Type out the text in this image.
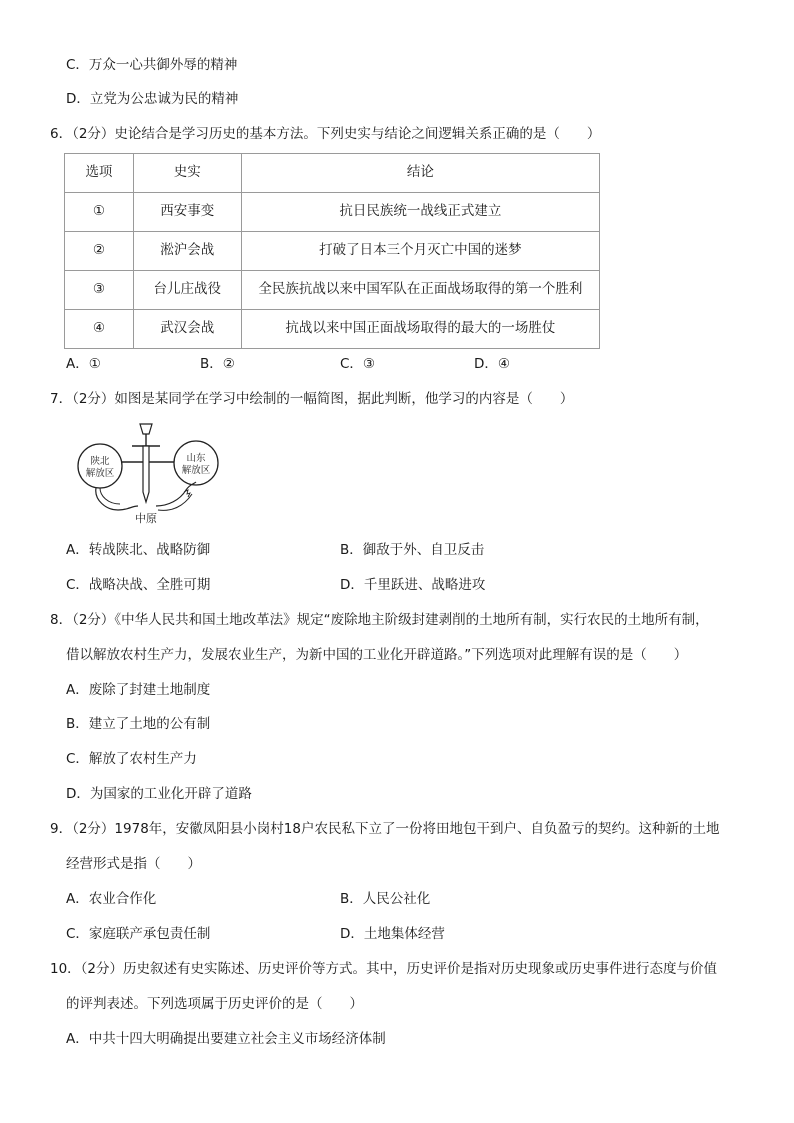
C．万众一心共御外辱的精神
D．立党为公忠诚为民的精神
6．（2分）史论结合是学习历史的基本方法。下列史实与结论之间逻辑关系正确的是（　　）
选项	史实	结论
①	西安事变	抗日民族统一战线正式建立
②	淞沪会战	打破了日本三个月灭亡中国的迷梦
③	台儿庄战役	全民族抗战以来中国军队在正面战场取得的第一个胜利
④	武汉会战	抗战以来中国正面战场取得的最大的一场胜仗
A．①	B．②	C．③	D．④
7．（2分）如图是某同学在学习中绘制的一幅简图，据此判断，他学习的内容是（　　）
陕北
解放区
山东
解放区
中原
A．转战陕北、战略防御	B．御敌于外、自卫反击
C．战略决战、全胜可期	D．千里跃进、战略进攻
8．（2分）《中华人民共和国土地改革法》规定“废除地主阶级封建剥削的土地所有制，实行农民的土地所有制，
借以解放农村生产力，发展农业生产，为新中国的工业化开辟道路。”下列选项对此理解有误的是（　　）
A．废除了封建土地制度
B．建立了土地的公有制
C．解放了农村生产力
D．为国家的工业化开辟了道路
9．（2分）1978年，安徽凤阳县小岗村18户农民私下立了一份将田地包干到户、自负盈亏的契约。这种新的土地
经营形式是指（　　）
A．农业合作化	B．人民公社化
C．家庭联产承包责任制	D．土地集体经营
10．（2分）历史叙述有史实陈述、历史评价等方式。其中，历史评价是指对历史现象或历史事件进行态度与价值
的评判表述。下列选项属于历史评价的是（　　）
A．中共十四大明确提出要建立社会主义市场经济体制
